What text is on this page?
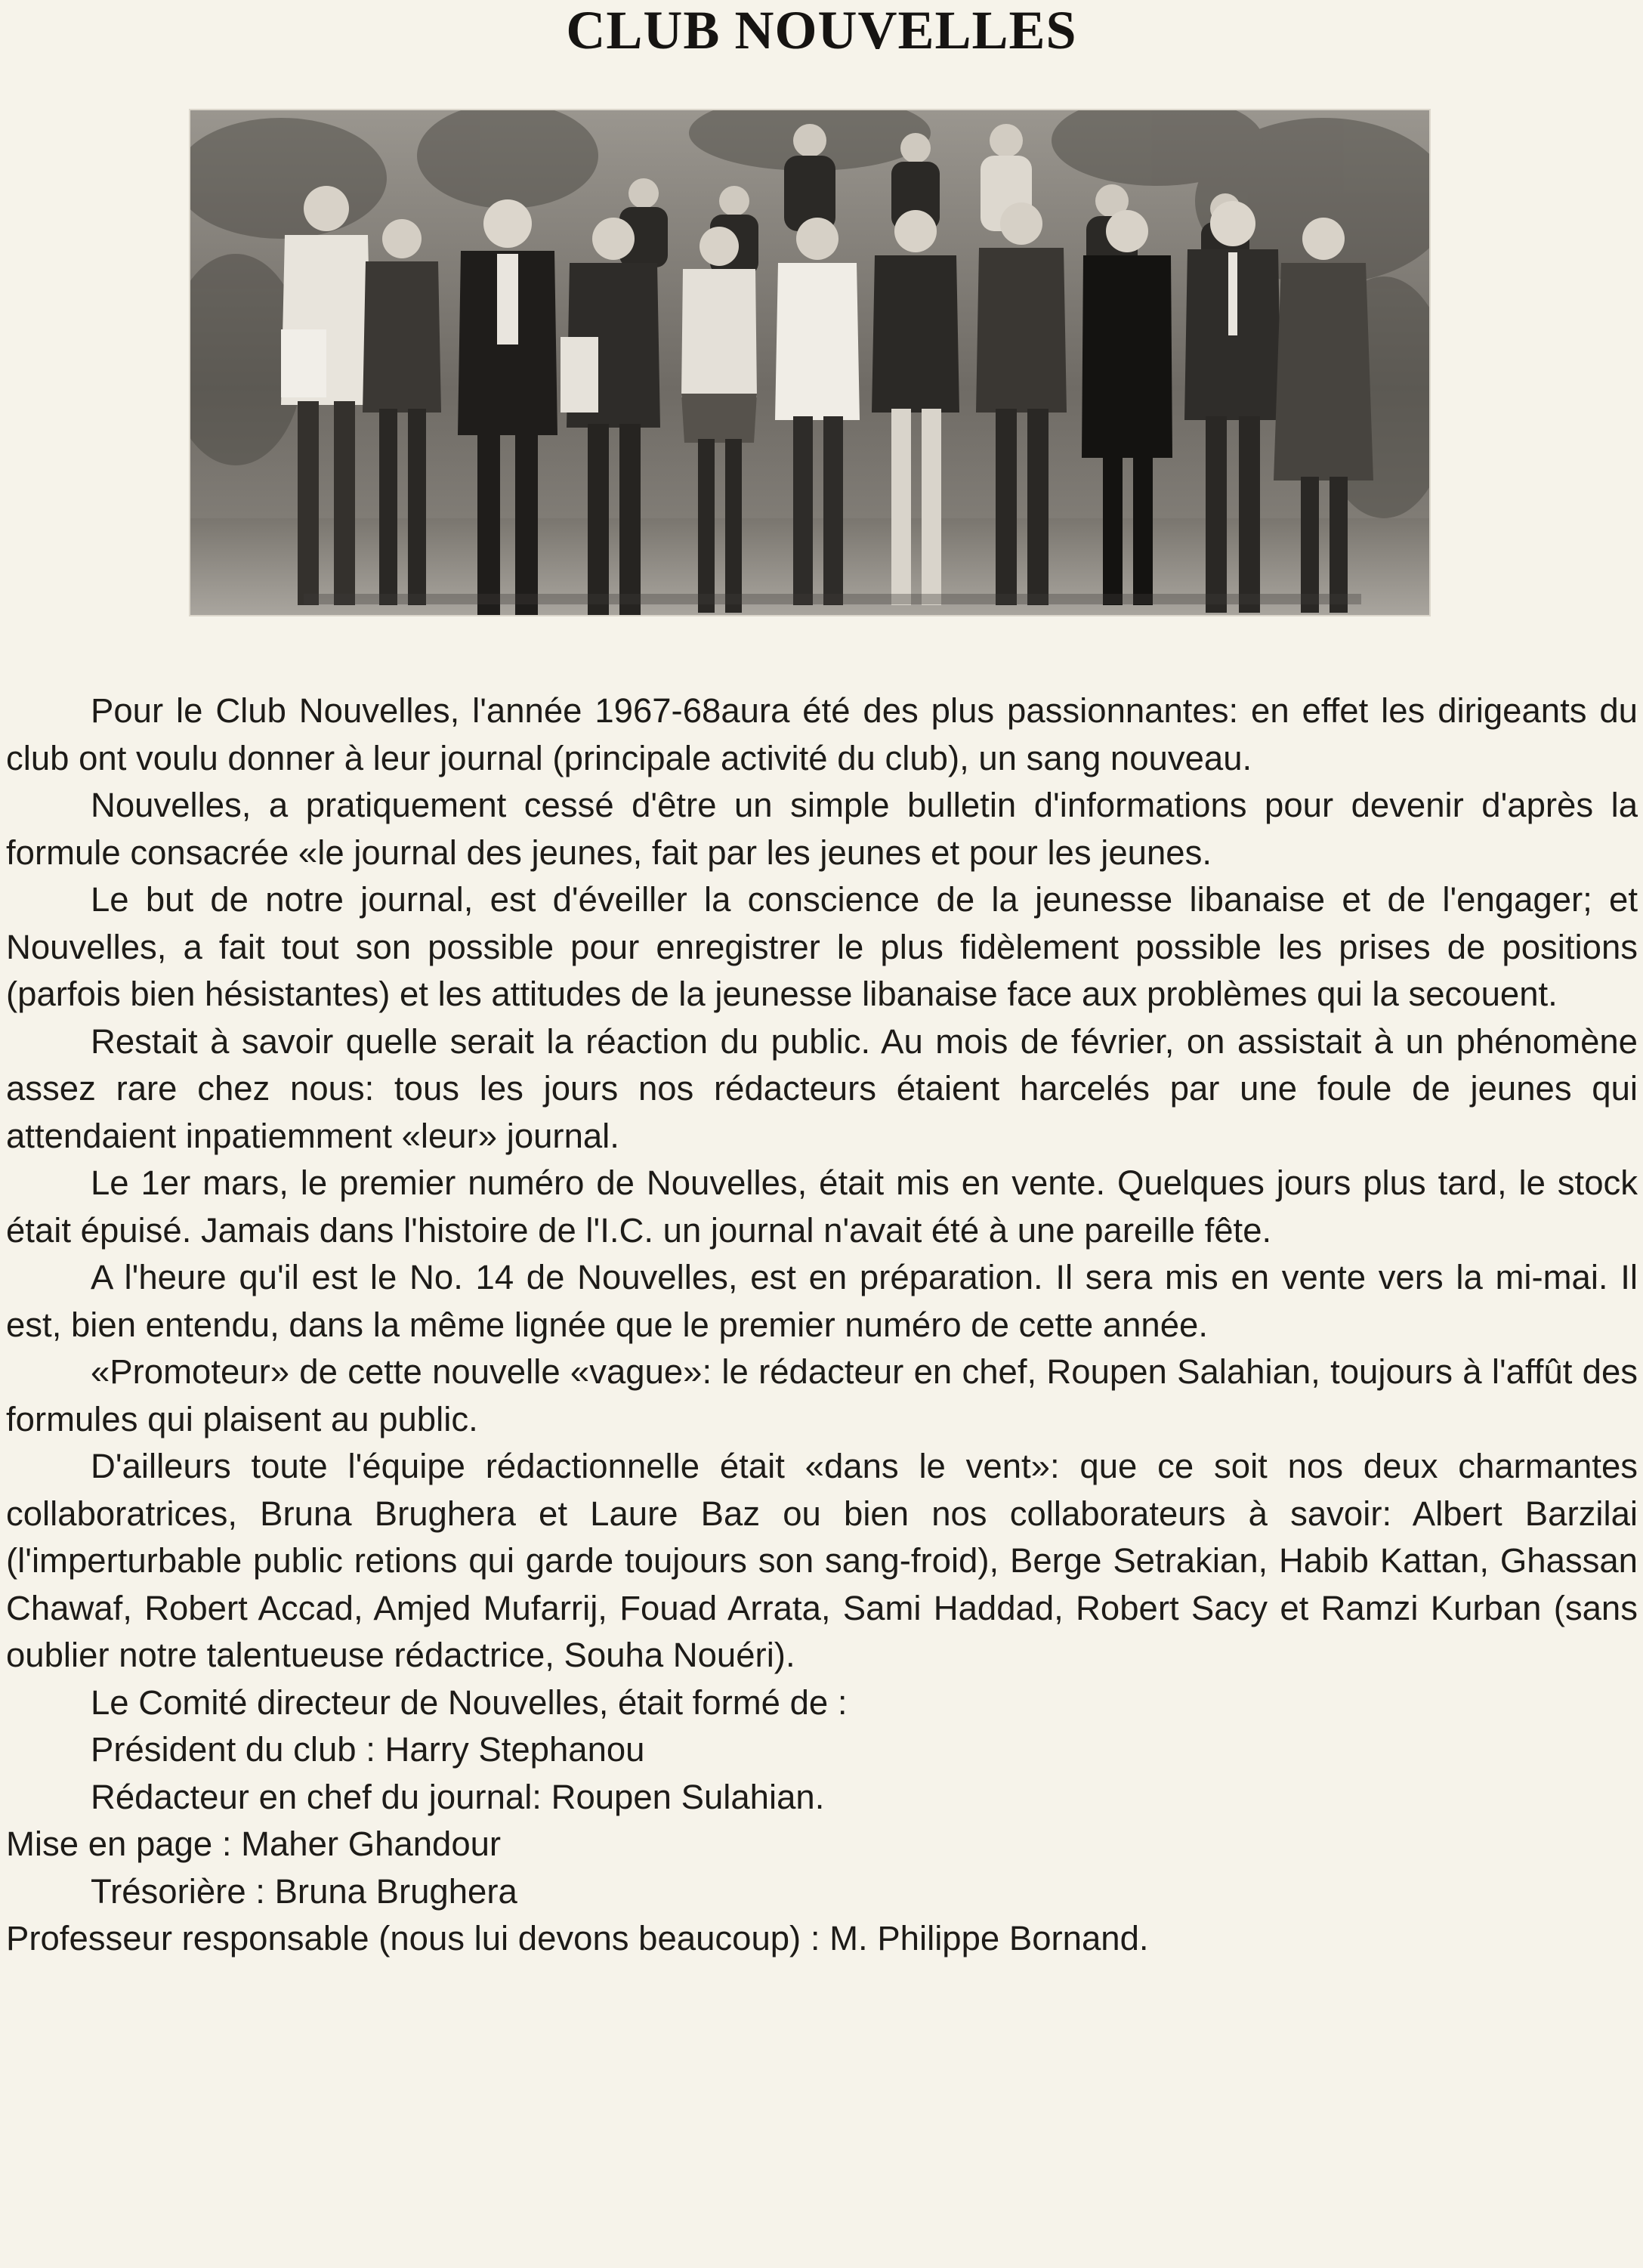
CLUB NOUVELLES

Pour le Club Nouvelles, l'année 1967-68aura été des plus passionnantes: en effet les dirigeants du club ont voulu donner à leur journal (principale activité du club), un sang nouveau.

Nouvelles, a pratiquement cessé d'être un simple bulletin d'informations pour devenir d'après la formule consacrée «le journal des jeunes, fait par les jeunes et pour les jeunes.

Le but de notre journal, est d'éveiller la conscience de la jeunesse libanaise et de l'engager; et Nouvelles, a fait tout son possible pour enregistrer le plus fidèlement possible les prises de positions (parfois bien hésistantes) et les attitudes de la jeunesse libanaise face aux problèmes qui la secouent.

Restait à savoir quelle serait la réaction du public. Au mois de février, on assistait à un phénomène assez rare chez nous: tous les jours nos rédacteurs étaient harcelés par une foule de jeunes qui attendaient inpatiemment «leur» journal.

Le 1er mars, le premier numéro de Nouvelles, était mis en vente. Quelques jours plus tard, le stock était épuisé. Jamais dans l'histoire de l'I.C. un journal n'avait été à une pareille fête.

A l'heure qu'il est le No. 14 de Nouvelles, est en préparation. Il sera mis en vente vers la mi-mai. Il est, bien entendu, dans la même lignée que le premier numéro de cette année.

«Promoteur» de cette nouvelle «vague»: le rédacteur en chef, Roupen Salahian, toujours à l'affût des formules qui plaisent au public.

D'ailleurs toute l'équipe rédactionnelle était «dans le vent»: que ce soit nos deux charmantes collaboratrices, Bruna Brughera et Laure Baz ou bien nos collaborateurs à savoir: Albert Barzilai (l'imperturbable public retions qui garde toujours son sang-froid), Berge Setrakian, Habib Kattan, Ghassan Chawaf, Robert Accad, Amjed Mufarrij, Fouad Arrata, Sami Haddad, Robert Sacy et Ramzi Kurban (sans oublier notre talentueuse rédactrice, Souha Nouéri).

Le Comité directeur de Nouvelles, était formé de :

Président du club : Harry Stephanou

Rédacteur en chef du journal: Roupen Sulahian.

Mise en page : Maher Ghandour

Trésorière : Bruna Brughera

Professeur responsable (nous lui devons beaucoup) : M. Philippe Bornand.
